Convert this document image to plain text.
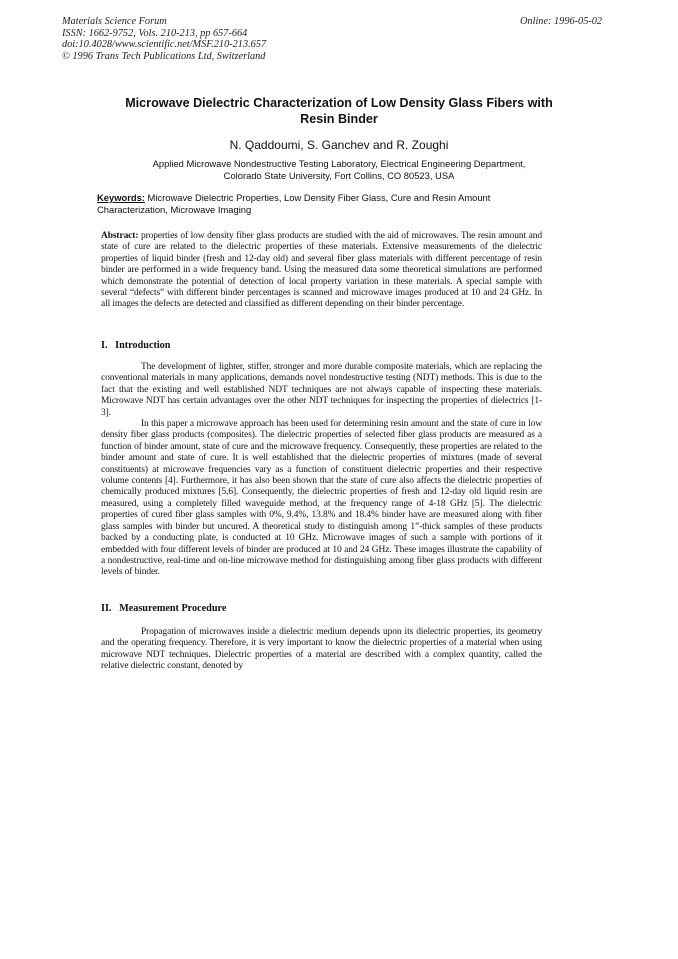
Materials Science Forum
ISSN: 1662-9752, Vols. 210-213, pp 657-664
doi:10.4028/www.scientific.net/MSF.210-213.657
© 1996 Trans Tech Publications Ltd, Switzerland
Online: 1996-05-02
Microwave Dielectric Characterization of Low Density Glass Fibers with
Resin Binder
N. Qaddoumi, S. Ganchev and R. Zoughi
Applied Microwave Nondestructive Testing Laboratory, Electrical Engineering Department,
Colorado State University, Fort Collins, CO 80523, USA
Keywords: Microwave Dielectric Properties, Low Density Fiber Glass, Cure and Resin Amount Characterization, Microwave Imaging

Abstract: properties of low density fiber glass products are studied with the aid of microwaves. The resin amount and state of cure are related to the dielectric properties of these materials. Extensive measurements of the dielectric properties of liquid binder (fresh and 12-day old) and several fiber glass materials with different percentage of resin binder are performed in a wide frequency band. Using the measured data some theoretical simulations are performed which demonstrate the potential of detection of local property variation in these materials. A special sample with several “defects” with different binder percentages is scanned and microwave images produced at 10 and 24 GHz. In all images the defects are detected and classified as different depending on their binder percentage.

I.   Introduction

The development of lighter, stiffer, stronger and more durable composite materials, which are replacing the conventional materials in many applications, demands novel nondestructive testing (NDT) methods. This is due to the fact that the existing and well established NDT techniques are not always capable of inspecting these materials. Microwave NDT has certain advantages over the other NDT techniques for inspecting the properties of dielectrics [1-3].

In this paper a microwave approach has been used for determining resin amount and the state of cure in low density fiber glass products (composites). The dielectric properties of selected fiber glass products are measured as a function of binder amount, state of cure and the microwave frequency. Consequently, these properties are related to the binder amount and state of cure. It is well established that the dielectric properties of mixtures (made of several constituents) at microwave frequencies vary as a function of constituent dielectric properties and their respective volume contents [4]. Furthermore, it has also been shown that the state of cure also affects the dielectric properties of chemically produced mixtures [5,6]. Consequently, the dielectric properties of fresh and 12-day old liquid resin are measured, using a completely filled waveguide method, at the frequency range of 4-18 GHz [5]. The dielectric properties of cured fiber glass samples with 0%, 9.4%, 13.8% and 18.4% binder have are measured along with fiber glass samples with binder but uncured. A theoretical study to distinguish among 1”-thick samples of these products backed by a conducting plate, is conducted at 10 GHz. Microwave images of such a sample with portions of it embedded with four different levels of binder are produced at 10 and 24 GHz. These images illustrate the capability of a nondestructive, real-time and on-line microwave method for distinguishing among fiber glass products with different levels of binder.

II.   Measurement Procedure

Propagation of microwaves inside a dielectric medium depends upon its dielectric properties, its geometry and the operating frequency. Therefore, it is very important to know the dielectric properties of a material when using microwave NDT techniques. Dielectric properties of a material are described with a complex quantity, called the relative dielectric constant, denoted by
